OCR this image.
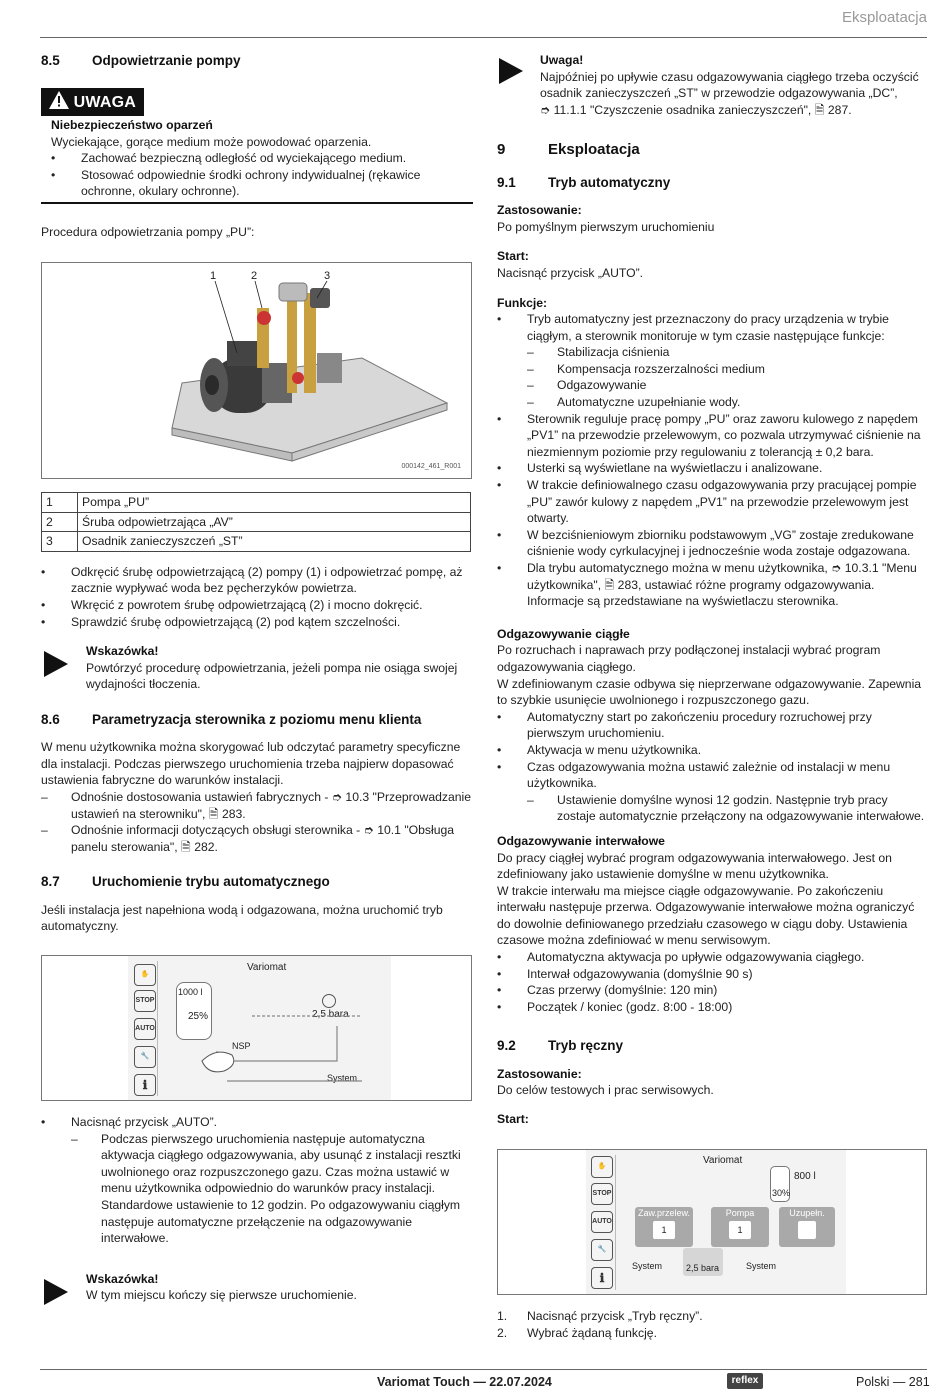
Eksploatacja
8.5 Odpowietrzanie pompy
UWAGA
Niebezpieczeństwo oparzeń
Wyciekające, gorące medium może powodować oparzenia.
• Zachować bezpieczną odległość od wyciekającego medium.
• Stosować odpowiednie środki ochrony indywidualnej (rękawice ochronne, okulary ochronne).
Procedura odpowietrzania pompy „PU”:
1	2	3
000142_461_R001
1	Pompa „PU”
2	Śruba odpowietrzająca „AV”
3	Osadnik zanieczyszczeń „ST”
• Odkręcić śrubę odpowietrzającą (2) pompy (1) i odpowietrzać pompę, aż zacznie wypływać woda bez pęcherzyków powietrza.
• Wkręcić z powrotem śrubę odpowietrzającą (2) i mocno dokręcić.
• Sprawdzić śrubę odpowietrzającą (2) pod kątem szczelności.
Wskazówka!
Powtórzyć procedurę odpowietrzania, jeżeli pompa nie osiąga swojej wydajności tłoczenia.
8.6 Parametryzacja sterownika z poziomu menu klienta
W menu użytkownika można skorygować lub odczytać parametry specyficzne dla instalacji. Podczas pierwszego uruchomienia trzeba najpierw dopasować ustawienia fabryczne do warunków instalacji.
– Odnośnie dostosowania ustawień fabrycznych - ➮ 10.3 "Przeprowadzanie ustawień na sterowniku", 🗎 283.
– Odnośnie informacji dotyczących obsługi sterownika - ➮ 10.1 "Obsługa panelu sterowania", 🗎 282.
8.7 Uruchomienie trybu automatycznego
Jeśli instalacja jest napełniona wodą i odgazowana, można uruchomić tryb automatyczny.
✋
STOP
AUTO
🔧
ℹ
Variomat
1000 l
25%	2,5 bara
NSP
System
• Nacisnąć przycisk „AUTO”.
– Podczas pierwszego uruchomienia następuje automatyczna aktywacja ciągłego odgazowywania, aby usunąć z instalacji resztki uwolnionego oraz rozpuszczonego gazu. Czas można ustawić w menu użytkownika odpowiednio do warunków pracy instalacji. Standardowe ustawienie to 12 godzin. Po odgazowywaniu ciągłym następuje automatyczne przełączenie na odgazowywanie interwałowe.
Wskazówka!
W tym miejscu kończy się pierwsze uruchomienie.
Uwaga!
Najpóźniej po upływie czasu odgazowywania ciągłego trzeba oczyścić osadnik zanieczyszczeń „ST” w przewodzie odgazowywania „DC”,
➮ 11.1.1 "Czyszczenie osadnika zanieczyszczeń", 🗎 287.
9	Eksploatacja
9.1 Tryb automatyczny
Zastosowanie:
Po pomyślnym pierwszym uruchomieniu
Start:
Nacisnąć przycisk „AUTO”.
Funkcje:
• Tryb automatyczny jest przeznaczony do pracy urządzenia w trybie ciągłym, a sterownik monitoruje w tym czasie następujące funkcje:
– Stabilizacja ciśnienia
– Kompensacja rozszerzalności medium
– Odgazowywanie
– Automatyczne uzupełnianie wody.
• Sterownik reguluje pracę pompy „PU” oraz zaworu kulowego z napędem „PV1” na przewodzie przelewowym, co pozwala utrzymywać ciśnienie na niezmiennym poziomie przy regulowaniu z tolerancją ± 0,2 bara.
• Usterki są wyświetlane na wyświetlaczu i analizowane.
• W trakcie definiowalnego czasu odgazowywania przy pracującej pompie „PU” zawór kulowy z napędem „PV1” na przewodzie przelewowym jest otwarty.
• W bezciśnieniowym zbiorniku podstawowym „VG” zostaje zredukowane ciśnienie wody cyrkulacyjnej i jednocześnie woda zostaje odgazowana.
• Dla trybu automatycznego można w menu użytkownika, ➮ 10.3.1 "Menu użytkownika", 🗎 283, ustawiać różne programy odgazowywania. Informacje są przedstawiane na wyświetlaczu sterownika.
Odgazowywanie ciągłe
Po rozruchach i naprawach przy podłączonej instalacji wybrać program odgazowywania ciągłego.
W zdefiniowanym czasie odbywa się nieprzerwane odgazowywanie. Zapewnia to szybkie usunięcie uwolnionego i rozpuszczonego gazu.
• Automatyczny start po zakończeniu procedury rozruchowej przy pierwszym uruchomieniu.
• Aktywacja w menu użytkownika.
• Czas odgazowywania można ustawić zależnie od instalacji w menu użytkownika.
– Ustawienie domyślne wynosi 12 godzin. Następnie tryb pracy zostaje automatycznie przełączony na odgazowywanie interwałowe.
Odgazowywanie interwałowe
Do pracy ciągłej wybrać program odgazowywania interwałowego. Jest on zdefiniowany jako ustawienie domyślne w menu użytkownika.
W trakcie interwału ma miejsce ciągłe odgazowywanie. Po zakończeniu interwału następuje przerwa. Odgazowywanie interwałowe można ograniczyć do dowolnie definiowanego przedziału czasowego w ciągu doby. Ustawienia czasowe można zdefiniować w menu serwisowym.
• Automatyczna aktywacja po upływie odgazowywania ciągłego.
• Interwał odgazowywania (domyślnie 90 s)
• Czas przerwy (domyślnie: 120 min)
• Początek / koniec (godz. 8:00 - 18:00)
9.2 Tryb ręczny
Zastosowanie:
Do celów testowych i prac serwisowych.
Start:
✋
STOP
AUTO
🔧
ℹ
Variomat
800 l
30%
Zaw.przelew.
1
Pompa
1
Uzupełn.
2,5 bara
System	System
1. Nacisnąć przycisk „Tryb ręczny”.
2. Wybrać żądaną funkcję.
Variomat Touch — 22.07.2024	reflex	Polski — 281
